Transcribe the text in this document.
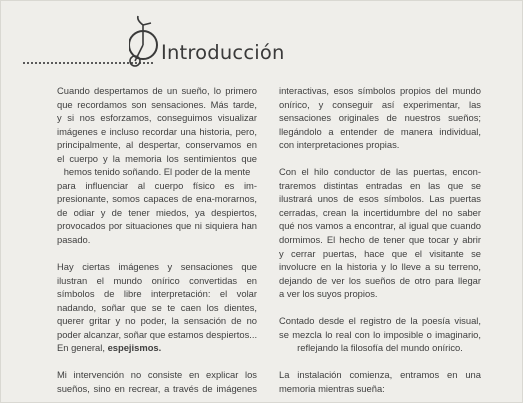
Introducción
Cuando despertamos de un sueño, lo primero
que recordamos son sensaciones. Más tarde,
y si nos esforzamos, conseguimos visualizar
imágenes e incluso recordar una historia, pero,
principalmente, al despertar, conservamos en
el cuerpo y la memoria los sentimientos que
hemos tenido soñando. El poder de la mente
para influenciar al cuerpo físico es im-
presionante, somos capaces de ena-morarnos,
de odiar y de tener miedos, ya despiertos,
provocados por situaciones que ni siquiera han
pasado.
Hay ciertas imágenes y sensaciones que
ilustran el mundo onírico convertidas en
símbolos de libre interpretación: el volar
nadando, soñar que se te caen los dientes,
querer gritar y no poder, la sensación de no
poder alcanzar, soñar que estamos despiertos...
En general, espejismos.
Mi intervención no consiste en explicar los
sueños, sino en recrear, a través de imágenes
interactivas, esos símbolos propios del mundo
onírico, y conseguir así experimentar, las
sensaciones originales de nuestros sueños;
llegándolo a entender de manera individual,
con interpretaciones propias.
Con el hilo conductor de las puertas, encon-
traremos distintas entradas en las que se
ilustrará unos de esos símbolos. Las puertas
cerradas, crean la incertidumbre del no saber
qué nos vamos a encontrar, al igual que cuando
dormimos. El hecho de tener que tocar y abrir
y cerrar puertas, hace que el visitante se
involucre en la historia y lo lleve a su terreno,
dejando de ver los sueños de otro para llegar
a ver los suyos propios.
Contado desde el registro de la poesía visual,
se mezcla lo real con lo imposible o imaginario,
reflejando la filosofía del mundo onírico.
La instalación comienza, entramos en una
memoria mientras sueña:
